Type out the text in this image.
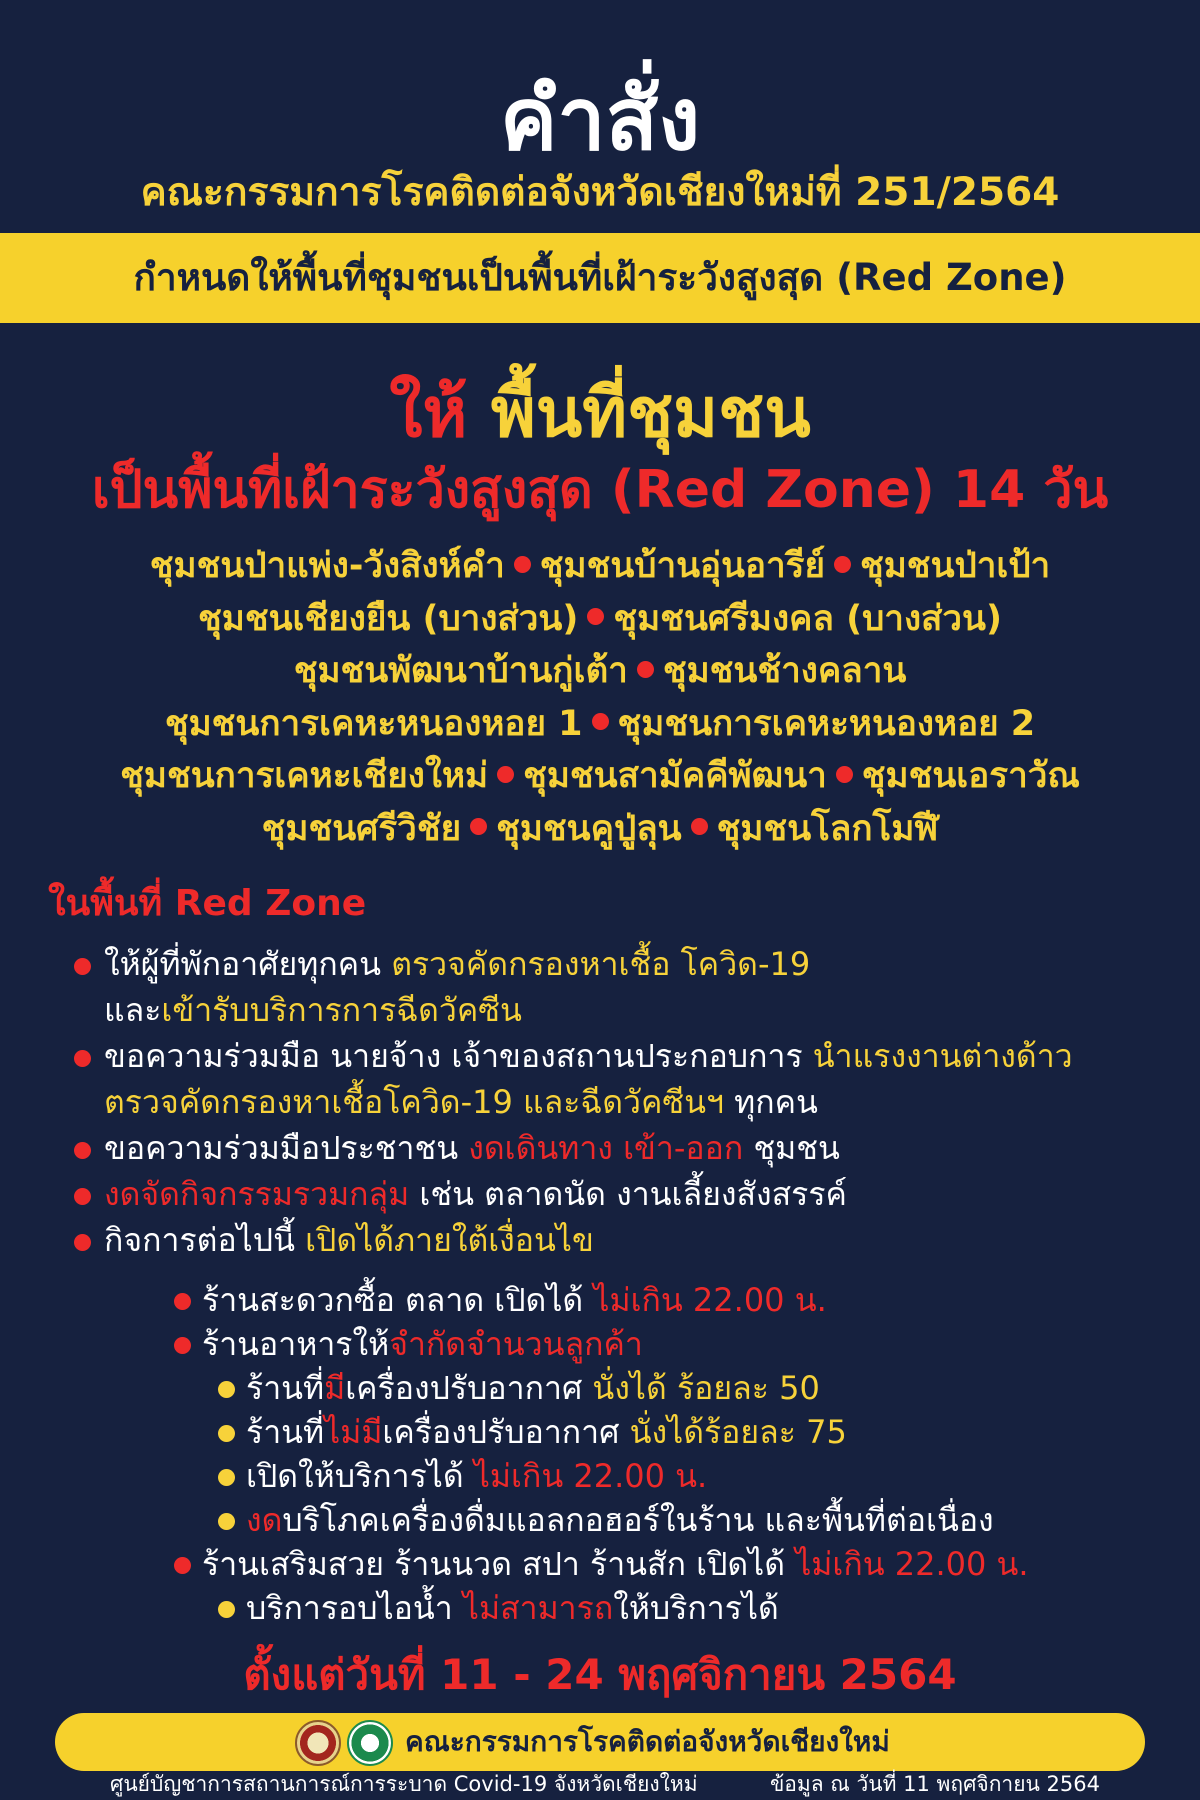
คำสั่ง
คณะกรรมการโรคติดต่อจังหวัดเชียงใหม่ที่ 251/2564
กำหนดให้พื้นที่ชุมชนเป็นพื้นที่เฝ้าระวังสูงสุด (Red Zone)
ให้ พื้นที่ชุมชน
เป็นพื้นที่เฝ้าระวังสูงสุด (Red Zone) 14 วัน
ชุมชนป่าแพ่ง-วังสิงห์คำ ชุมชนบ้านอุ่นอารีย์ ชุมชนป่าเป้า
ชุมชนเชียงยืน (บางส่วน) ชุมชนศรีมงคล (บางส่วน)
ชุมชนพัฒนาบ้านกู่เต้า ชุมชนช้างคลาน
ชุมชนการเคหะหนองหอย 1 ชุมชนการเคหะหนองหอย 2
ชุมชนการเคหะเชียงใหม่ ชุมชนสามัคคีพัฒนา ชุมชนเอราวัณ
ชุมชนศรีวิชัย ชุมชนคูปู่ลุน ชุมชนโลกโมฬี
ในพื้นที่ Red Zone
ให้ผู้ที่พักอาศัยทุกคน ตรวจคัดกรองหาเชื้อ โควิด-19
และเข้ารับบริการการฉีดวัคซีน
ขอความร่วมมือ นายจ้าง เจ้าของสถานประกอบการ นำแรงงานต่างด้าว
ตรวจคัดกรองหาเชื้อโควิด-19 และฉีดวัคซีนฯ ทุกคน
ขอความร่วมมือประชาชน งดเดินทาง เข้า-ออก ชุมชน
งดจัดกิจกรรมรวมกลุ่ม เช่น ตลาดนัด งานเลี้ยงสังสรรค์
กิจการต่อไปนี้ เปิดได้ภายใต้เงื่อนไข
ร้านสะดวกซื้อ ตลาด เปิดได้ ไม่เกิน 22.00 น.
ร้านอาหารให้จำกัดจำนวนลูกค้า
ร้านที่มีเครื่องปรับอากาศ นั่งได้ ร้อยละ 50
ร้านที่ไม่มีเครื่องปรับอากาศ นั่งได้ร้อยละ 75
เปิดให้บริการได้ ไม่เกิน 22.00 น.
งดบริโภคเครื่องดื่มแอลกอฮอร์ในร้าน และพื้นที่ต่อเนื่อง
ร้านเสริมสวย ร้านนวด สปา ร้านสัก เปิดได้ ไม่เกิน 22.00 น.
บริการอบไอน้ำ ไม่สามารถให้บริการได้
ตั้งแต่วันที่ 11 - 24 พฤศจิกายน 2564
คณะกรรมการโรคติดต่อจังหวัดเชียงใหม่
ศูนย์บัญชาการสถานการณ์การระบาด Covid-19 จังหวัดเชียงใหม่	ข้อมูล ณ วันที่ 11 พฤศจิกายน 2564
